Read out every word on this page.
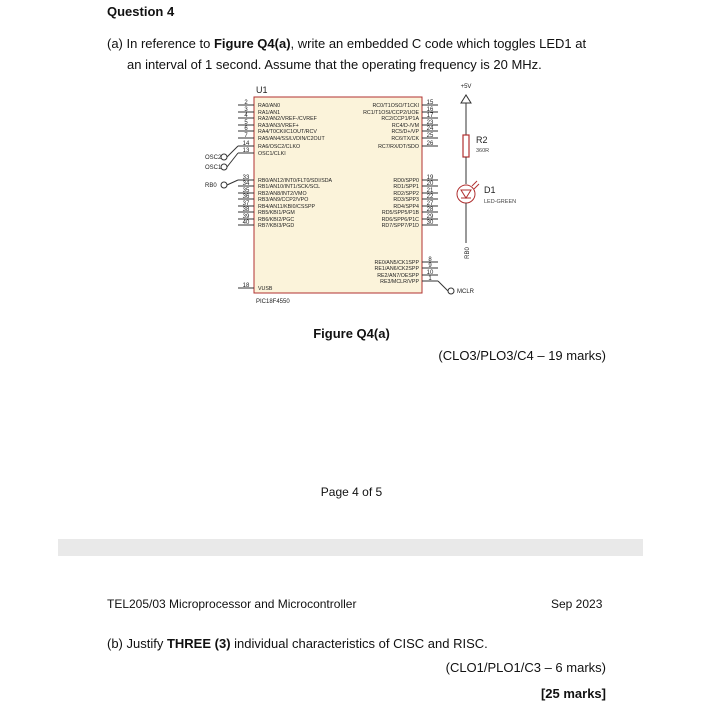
Question 4
(a) In reference to Figure Q4(a), write an embedded C code which toggles LED1 at
an interval of 1 second. Assume that the operating frequency is 20 MHz.
U1
PIC18F4550
2 RA0/AN0
3 RA1/AN1
4 RA2/AN2/VREF-/CVREF
5 RA3/AN3/VREF+
6 RA4/T0CKI/C1OUT/RCV
7 RA5/AN4/SS/LVDIN/C2OUT
14 RA6/OSC2/CLKO
13 OSC1/CLKI
33 RB0/AN12/INT0/FLT0/SDI/SDA
34 RB1/AN10/INT1/SCK/SCL
35 RB2/AN8/INT2/VMO
36 RB3/AN9/CCP2/VPO
37 RB4/AN11/KBI0/CSSPP
38 RB5/KBI1/PGM
39 RB6/KBI2/PGC
40 RB7/KBI3/PGD
18 VUSB
15
RC0/T1OSO/T1CKI
16
RC1/T1OSI/CCP2/UOE 17
RC2/CCP1/P1A
23
RC4/D-/VM 24
RC5/D+/VP
25
RC6/TX/CK
26
RC7/RX/DT/SDO
19
RD0/SPP0 20
RD1/SPP1
21
RD2/SPP2 22
RD3/SPP3
27
RD4/SPP4 28
RD5/SPP5/P1B
29
RD6/SPP6/P1C 30
RD7/SPP7/P1D
8
RE0/AN5/CK1SPP 9
RE1/AN6/CK2SPP
10
RE2/AN7/OESPP 1
RE3/MCLR/VPP
OSC2
OSC1
RB0
MCLR
+5V
R2
360R
D1
LED-GREEN
RB0
Figure Q4(a)
(CLO3/PLO3/C4 – 19 marks)
Page 4 of 5
TEL205/03 Microprocessor and Microcontroller	Sep 2023
(b) Justify THREE (3) individual characteristics of CISC and RISC.
(CLO1/PLO1/C3 – 6 marks)
[25 marks]
